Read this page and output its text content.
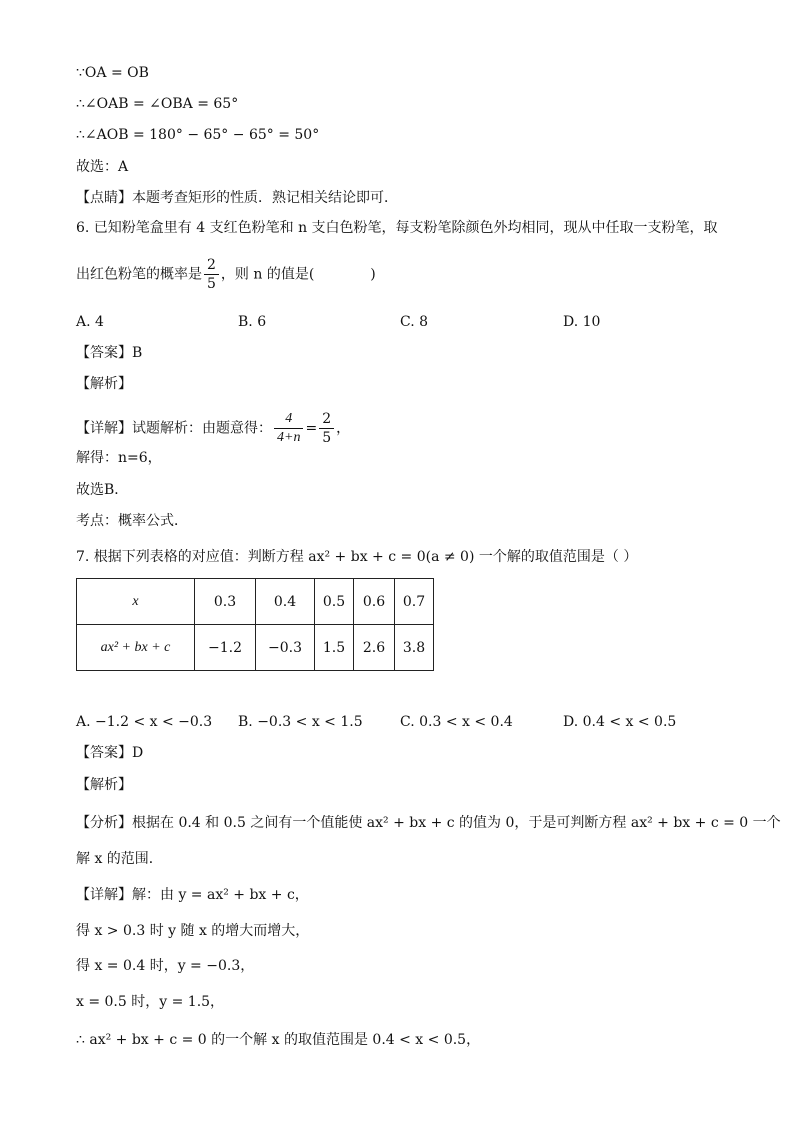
∵OA = OB
∴∠OAB = ∠OBA = 65°
∴∠AOB = 180° − 65° − 65° = 50°
故选：A
【点睛】本题考查矩形的性质．熟记相关结论即可．
6. 已知粉笔盒里有 4 支红色粉笔和 n 支白色粉笔，每支粉笔除颜色外均相同，现从中任取一支粉笔，取
出红色粉笔的概率是 $\frac{2}{5}$ ，则 n 的值是(　　　　)
A. 4	B. 6	C. 8	D. 10
【答案】B
【解析】
【详解】试题解析：由题意得： $\frac{4}{4+n} = \frac{2}{5}$ ，
解得：n=6，
故选B．
考点：概率公式．
7. 根据下列表格的对应值：判断方程 ax² + bx + c = 0(a ≠ 0) 一个解的取值范围是（ ）
x	0.3	0.4	0.5	0.6	0.7
ax² + bx + c	−1.2	−0.3	1.5	2.6	3.8
A. −1.2 < x < −0.3 B. −0.3 < x < 1.5	C. 0.3 < x < 0.4	D. 0.4 < x < 0.5
【答案】D
【解析】
【分析】根据在 0.4 和 0.5 之间有一个值能使 ax² + bx + c 的值为 0，于是可判断方程 ax² + bx + c = 0 一个
解 x 的范围．
【详解】解：由 y = ax² + bx + c，
得 x > 0.3 时 y 随 x 的增大而增大，
得 x = 0.4 时，y = −0.3，
x = 0.5 时，y = 1.5，
∴ ax² + bx + c = 0 的一个解 x 的取值范围是 0.4 < x < 0.5，
